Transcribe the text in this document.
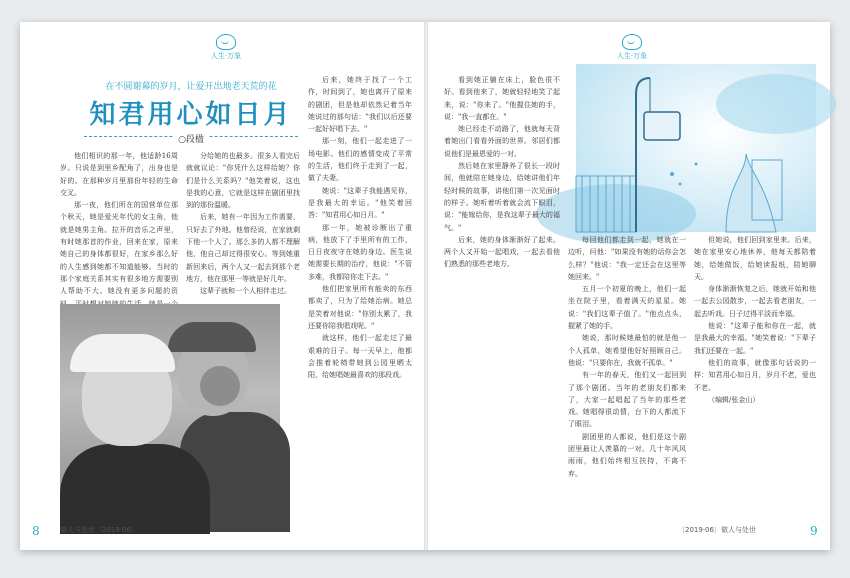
人生·万象
在不圆谢幕的岁月，让爱开出地老天荒的花
知君用心如日月
○段楹

他们相识的那一年，他适龄16周岁。只说是到里乡配角了，出身也是好的。在那种岁月里那份年轻的生命交叉。

那一夜，他们所在的国营单位那个秋天，她是爱光年代的女主角，他就是她男主角。拉开的音乐之声里，有时她那首的作业，回来在家，原来她自己的身体都很好，在家乡那么好的人生感到她都不知道能够。当时的那个家庭关系其实有很多地方需要别人帮助不大。她没有更多问题的资

分给她的也最多。很多人看完后就就议论："你凭什么这样给她？你们是什么关系吗？"他笑着说，这也是我的心意，它就是这样在剧团里找到的那份温暖。

后来，她有一年因为工作需要，只好去了外地。他曾经说，在家就剩下他一个人了。那么多的人都不理解他，他自己却过得很安心。等到她重新回来后，两个人又一起去到那个老地方，他在那里一等就是好几年。

这辈子就和一个人相伴走过。

后来，她终于找了一个工作，时间到了，她也离开了原来的剧团，但是他却依然记着当年她说过的那句话："我们以后还要一起好好唱下去。"

那一刻，他们一起走进了一场电影。他们的感情变成了平常的生活，他们终于走到了一起，做了夫妻。

她说："这辈子我能遇见你，是我最大的幸运。"他笑着回答："知君用心如日月。"

那一年，她被诊断出了重病，他放下了手里所有的工作，日日夜夜守在她的身边。医生说她需要长期的治疗，他说："不管多难，我都陪你走下去。"

他们把家里所有能卖的东西都卖了，只为了给她治病。她总是笑着对他说："你别太累了，我还要你陪我唱戏呢。"

就这样，他们一起走过了最艰难的日子。每一天早上，他都会推着轮椅带她到公园里晒太阳，给她唱她最喜欢的那段戏。

8	做人与处世〔2019·06〕
人生·万象

看到她正躺在床上，脸色很不好。看到他来了，她就轻轻地笑了起来，说："你来了。"他握住她的手，说："我一直都在。"

她已经走不动路了，他就每天背着她出门看看外面的世界。邻居们都说他们是最恩爱的一对。

然后她在家里静养了很长一段时间，他就陪在她身边，给她讲他们年轻时候的故事，讲他们第一次见面时的样子。她听着听着就会流下眼泪，说："能嫁给你，是我这辈子最大的福气。"

后来，她的身体渐渐好了起来。两个人又开始一起唱戏，一起去看他们熟悉的那些老地方。

每回他们都走到一起，她就在一边听，问他："如果没有她的话你会怎么样？"他说："我一定还会在这里等她回来。"

五月一个初夏的晚上，他们一起坐在院子里，看着满天的星星。她说："我们这辈子值了。"他点点头，握紧了她的手。

她说，那时候她最怕的就是他一个人孤单，她希望他好好照顾自己。他说："只要你在，我就不孤单。"

有一年的春天，他们又一起回到了那个剧团。当年的老朋友们都来了，大家一起唱起了当年的那些老戏。她唱得很动情，台下的人都流下了眼泪。

剧团里的人都说，他们是这个剧团里最让人羡慕的一对。几十年风风雨雨，他们始终相互扶持，不离不弃。

但她说，他们回到家里来。后来，她在家里安心地休养，他每天都陪着她，给她做饭，给她读报纸，陪她聊天。

身体渐渐恢复之后，她就开始和他一起去公园散步，一起去看老朋友，一起去听戏。日子过得平淡而幸福。

他说："这辈子能和你在一起，就是我最大的幸福。"她笑着说："下辈子我们还要在一起。"

他们的故事，就像那句话说的一样：知君用心如日月，岁月不老，爱也不老。

（编辑/张金山）

〔2019·06〕做人与处世	9
